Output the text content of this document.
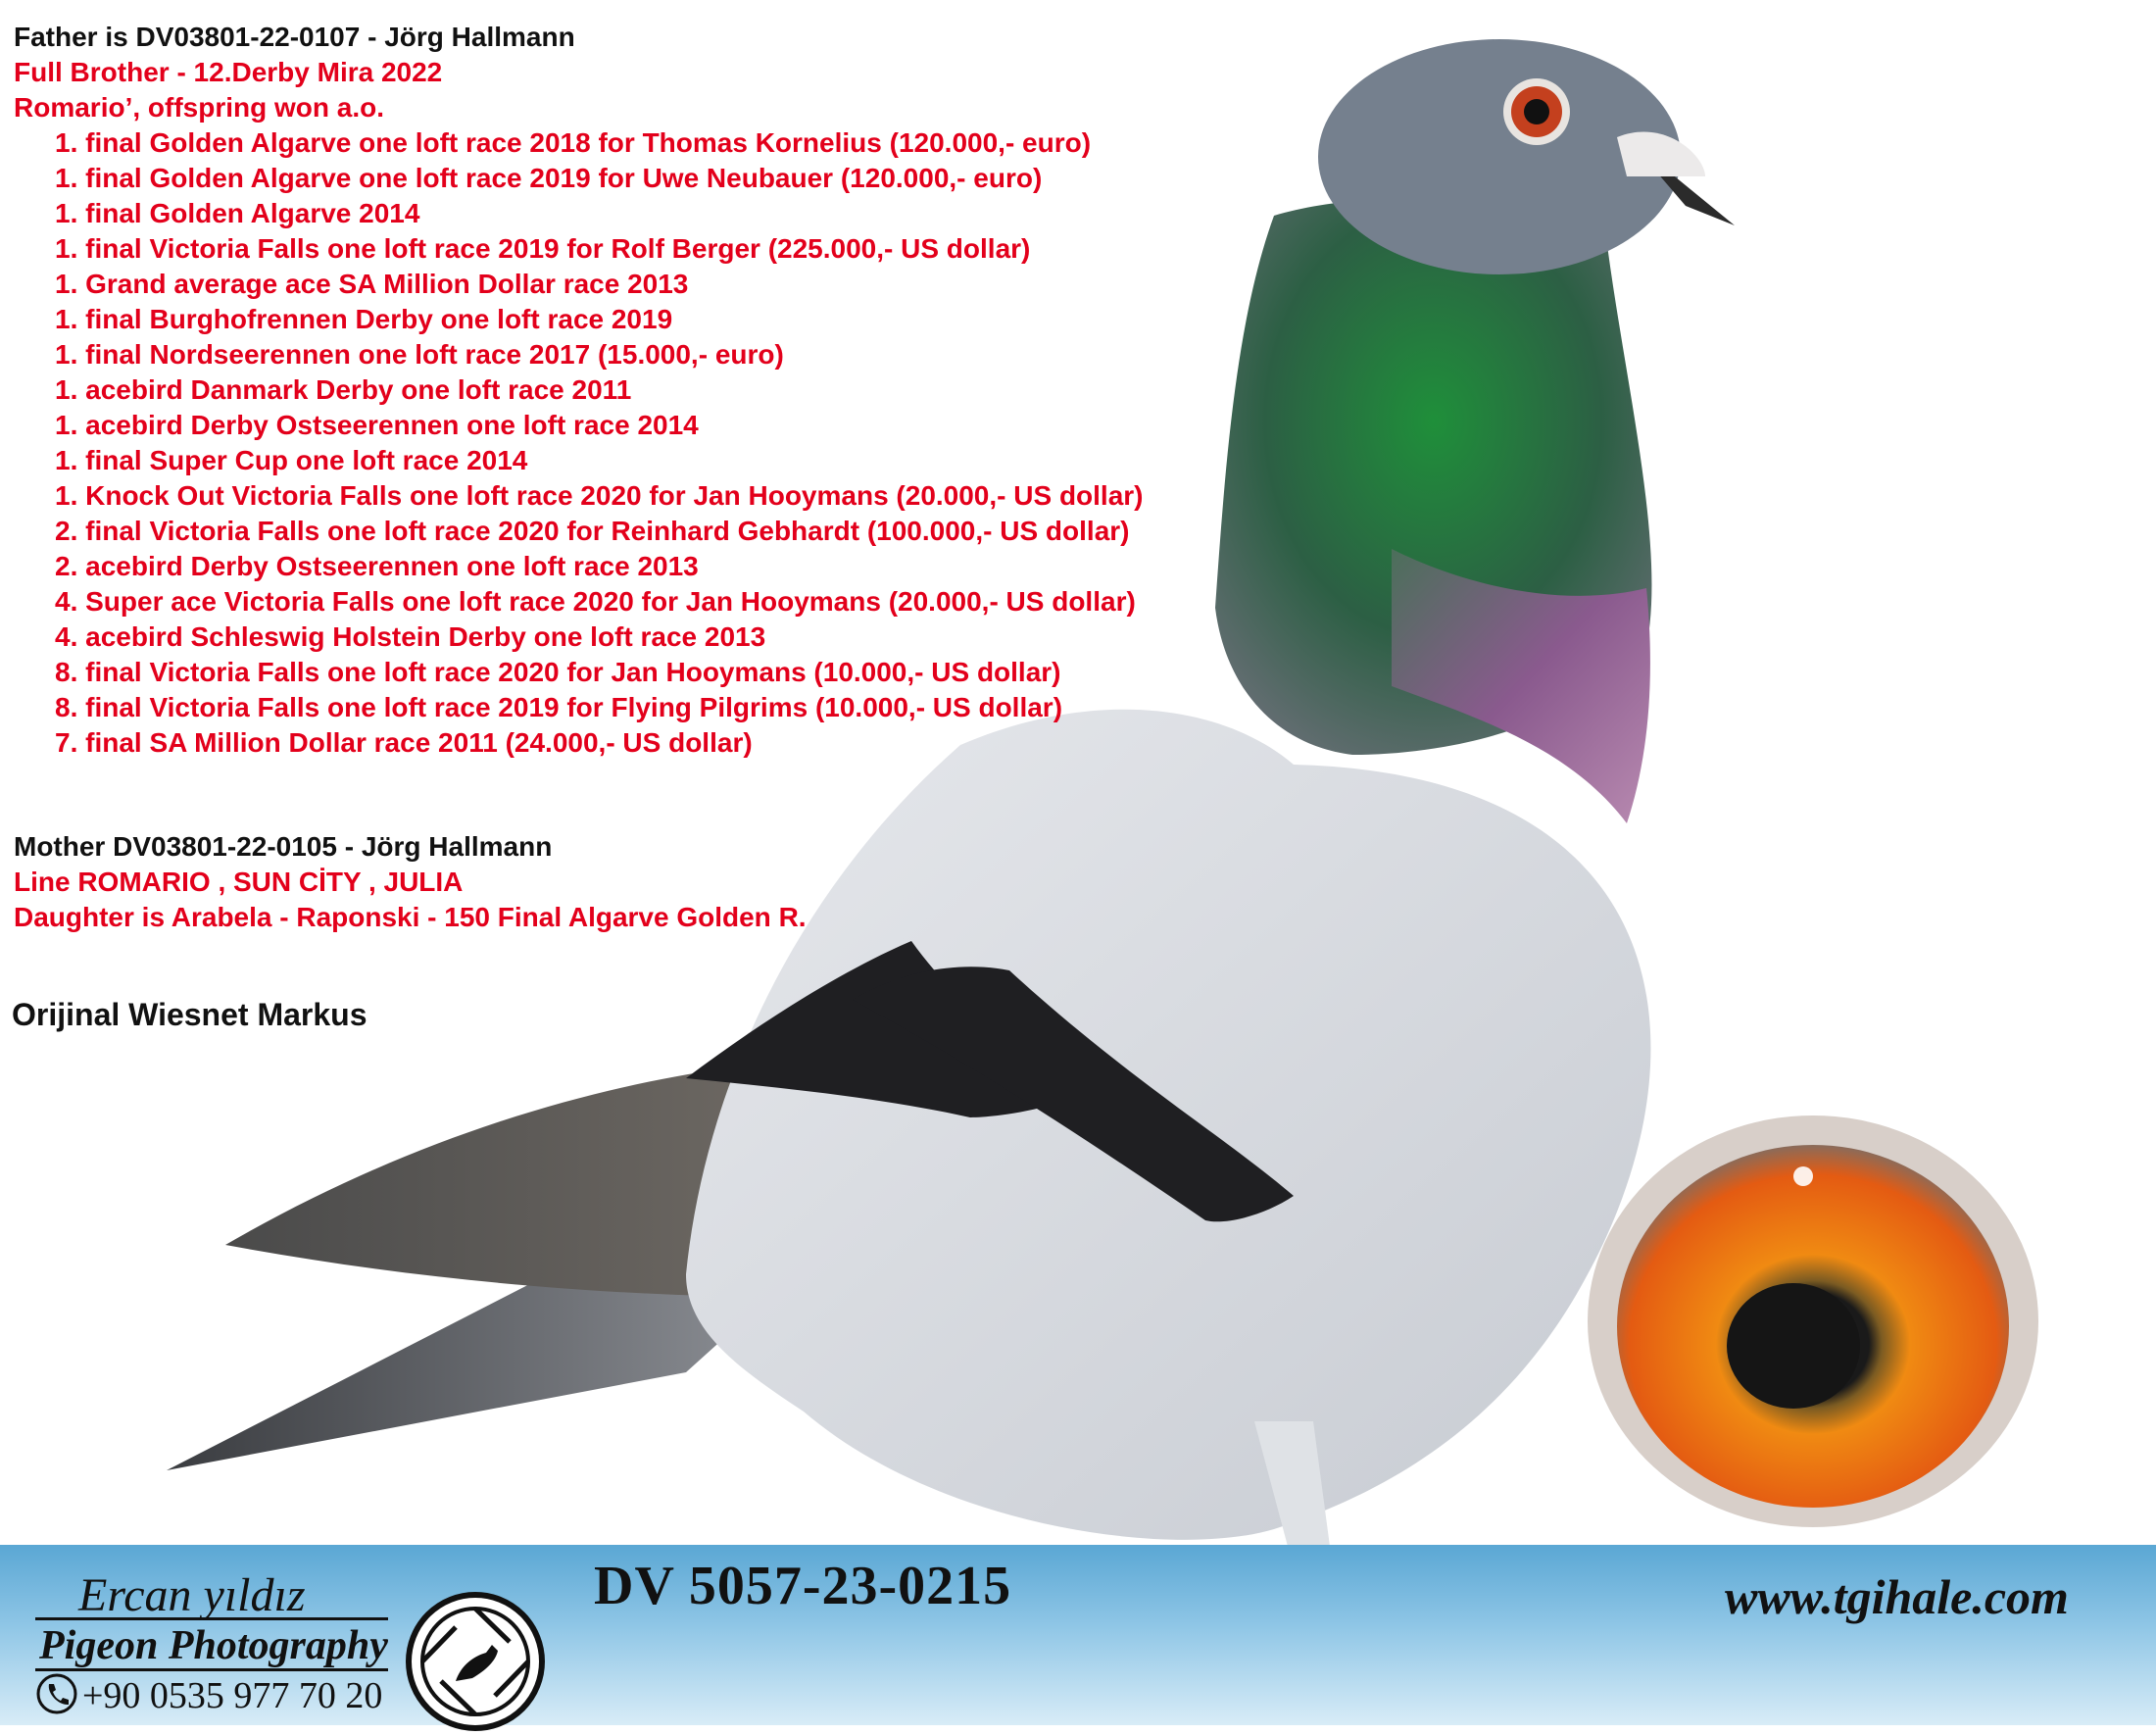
Father is DV03801-22-0107 - Jörg Hallmann
Full Brother - 12.Derby Mira 2022
Romario’, offspring won a.o.
1. final Golden Algarve one loft race 2018 for Thomas Kornelius (120.000,- euro)
1. final Golden Algarve one loft race 2019 for Uwe Neubauer (120.000,- euro)
1. final Golden Algarve 2014
1. final Victoria Falls one loft race 2019 for Rolf Berger (225.000,- US dollar)
1. Grand average ace SA Million Dollar race 2013
1. final Burghofrennen Derby one loft race 2019
1. final Nordseerennen one loft race 2017 (15.000,- euro)
1. acebird Danmark Derby one loft race 2011
1. acebird Derby Ostseerennen one loft race 2014
1. final Super Cup one loft race 2014
1. Knock Out Victoria Falls one loft race 2020 for Jan Hooymans (20.000,- US dollar)
2. final Victoria Falls one loft race 2020 for Reinhard Gebhardt (100.000,- US dollar)
2. acebird Derby Ostseerennen one loft race 2013
4. Super ace Victoria Falls one loft race 2020 for Jan Hooymans (20.000,- US dollar)
4. acebird Schleswig Holstein Derby one loft race 2013
8. final Victoria Falls one loft race 2020 for Jan Hooymans (10.000,- US dollar)
8. final Victoria Falls one loft race 2019 for Flying Pilgrims (10.000,- US dollar)
7. final SA Million Dollar race 2011 (24.000,- US dollar)
Mother DV03801-22-0105 - Jörg Hallmann
Line ROMARIO , SUN CİTY , JULIA
Daughter is Arabela - Raponski - 150 Final Algarve Golden R.
Orijinal Wiesnet Markus
DV 5057-23-0215	www.tgihale.com
Ercan yıldız
Pigeon Photography
+90 0535 977 70 20
